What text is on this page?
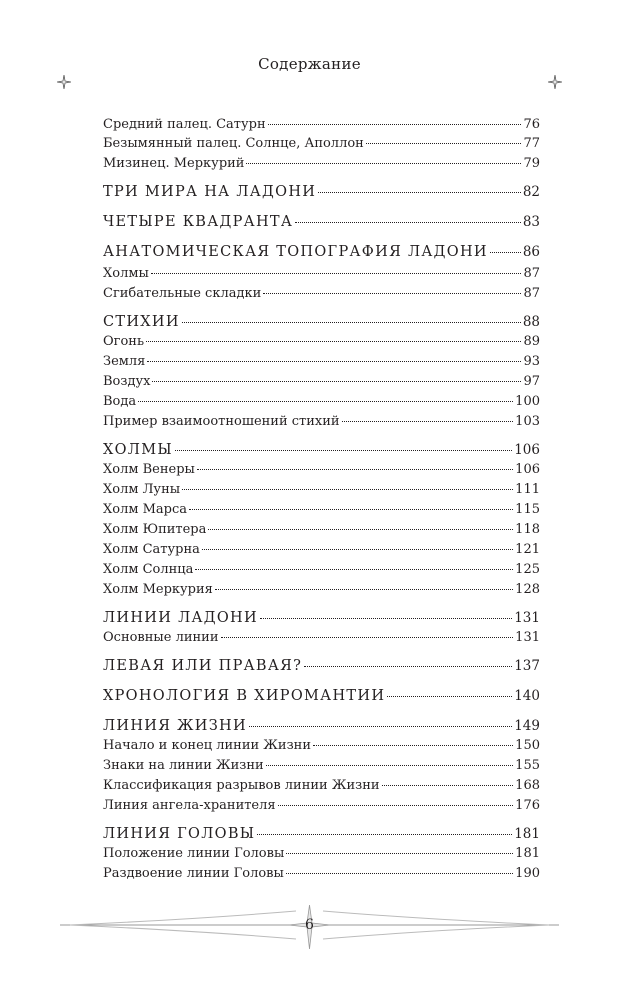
Содержание
Средний палец. Сатурн	76
Безымянный палец. Солнце, Аполлон	77
Мизинец. Меркурий	79
ТРИ МИРА НА ЛАДОНИ	82
ЧЕТЫРЕ КВАДРАНТА	83
АНАТОМИЧЕСКАЯ ТОПОГРАФИЯ ЛАДОНИ	86
Холмы	87
Сгибательные складки	87
СТИХИИ	88
Огонь	89
Земля	93
Воздух	97
Вода	100
Пример взаимоотношений стихий	103
ХОЛМЫ	106
Холм Венеры	106
Холм Луны	111
Холм Марса	115
Холм Юпитера	118
Холм Сатурна	121
Холм Солнца	125
Холм Меркурия	128
ЛИНИИ ЛАДОНИ	131
Основные линии	131
ЛЕВАЯ ИЛИ ПРАВАЯ?	137
ХРОНОЛОГИЯ В ХИРОМАНТИИ	140
ЛИНИЯ ЖИЗНИ	149
Начало и конец линии Жизни	150
Знаки на линии Жизни	155
Классификация разрывов линии Жизни	168
Линия ангела-хранителя	176
ЛИНИЯ ГОЛОВЫ	181
Положение линии Головы	181
Раздвоение линии Головы	190
6
